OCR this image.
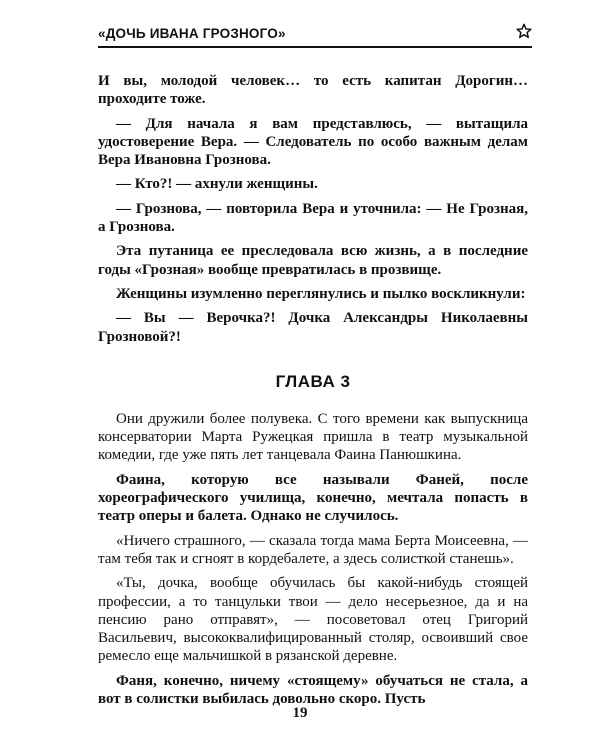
«ДОЧЬ ИВАНА ГРОЗНОГО»

И вы, молодой человек… то есть капитан Дорогин… проходите тоже.

— Для начала я вам представлюсь, — вытащила удостоверение Вера. — Следователь по особо важным делам Вера Ивановна Грознова.

— Кто?! — ахнули женщины.

— Грознова, — повторила Вера и уточнила: — Не Грозная, а Грознова.

Эта путаница ее преследовала всю жизнь, а в последние годы «Грозная» вообще превратилась в прозвище.

Женщины изумленно переглянулись и пылко воскликнули:

— Вы — Верочка?! Дочка Александры Николаевны Грозновой?!

ГЛАВА 3

Они дружили более полувека. С того времени как выпускница консерватории Марта Ружецкая пришла в театр музыкальной комедии, где уже пять лет танцевала Фаина Панюшкина.

Фаина, которую все называли Фаней, после хореографического училища, конечно, мечтала попасть в театр оперы и балета. Однако не случилось.

«Ничего страшного, — сказала тогда мама Берта Моисеевна, — там тебя так и сгноят в кордебалете, а здесь солисткой станешь».

«Ты, дочка, вообще обучилась бы какой-нибудь стоящей профессии, а то танцульки твои — дело несерьезное, да и на пенсию рано отправят», — посоветовал отец Григорий Васильевич, высококвалифицированный столяр, освоивший свое ремесло еще мальчишкой в рязанской деревне.

Фаня, конечно, ничему «стоящему» обучаться не стала, а вот в солистки выбилась довольно скоро. Пусть

19
